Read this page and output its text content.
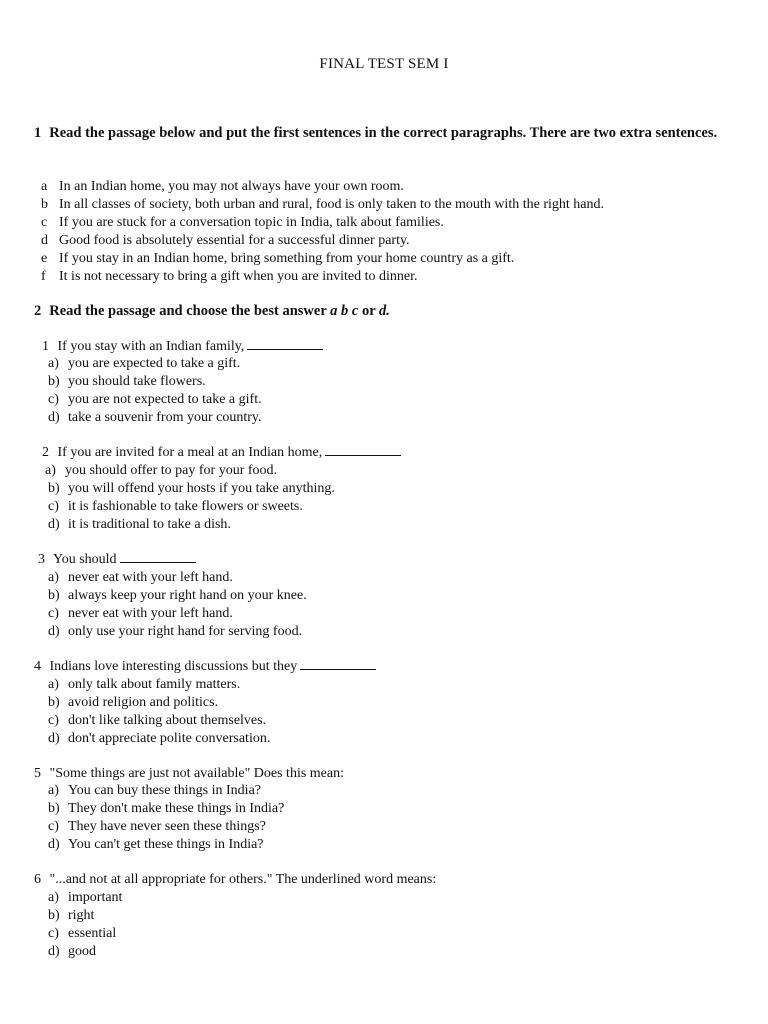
FINAL TEST SEM I
1 Read the passage below and put the first sentences in the correct paragraphs. There are two extra sentences.
a In an Indian home, you may not always have your own room.
b In all classes of society, both urban and rural, food is only taken to the mouth with the right hand.
c If you are stuck for a conversation topic in India, talk about families.
d Good food is absolutely essential for a successful dinner party.
e If you stay in an Indian home, bring something from your home country as a gift.
f It is not necessary to bring a gift when you are invited to dinner.
2 Read the passage and choose the best answer a b c or d.
1 If you stay with an Indian family,
a) you are expected to take a gift.
b) you should take flowers.
c) you are not expected to take a gift.
d) take a souvenir from your country.
2 If you are invited for a meal at an Indian home,
a) you should offer to pay for your food.
b) you will offend your hosts if you take anything.
c) it is fashionable to take flowers or sweets.
d) it is traditional to take a dish.
3 You should
a) never eat with your left hand.
b) always keep your right hand on your knee.
c) never eat with your left hand.
d) only use your right hand for serving food.
4 Indians love interesting discussions but they
a) only talk about family matters.
b) avoid religion and politics.
c) don't like talking about themselves.
d) don't appreciate polite conversation.
5 "Some things are just not available" Does this mean:
a) You can buy these things in India?
b) They don't make these things in India?
c) They have never seen these things?
d) You can't get these things in India?
6 "...and not at all appropriate for others." The underlined word means:
a) important
b) right
c) essential
d) good
